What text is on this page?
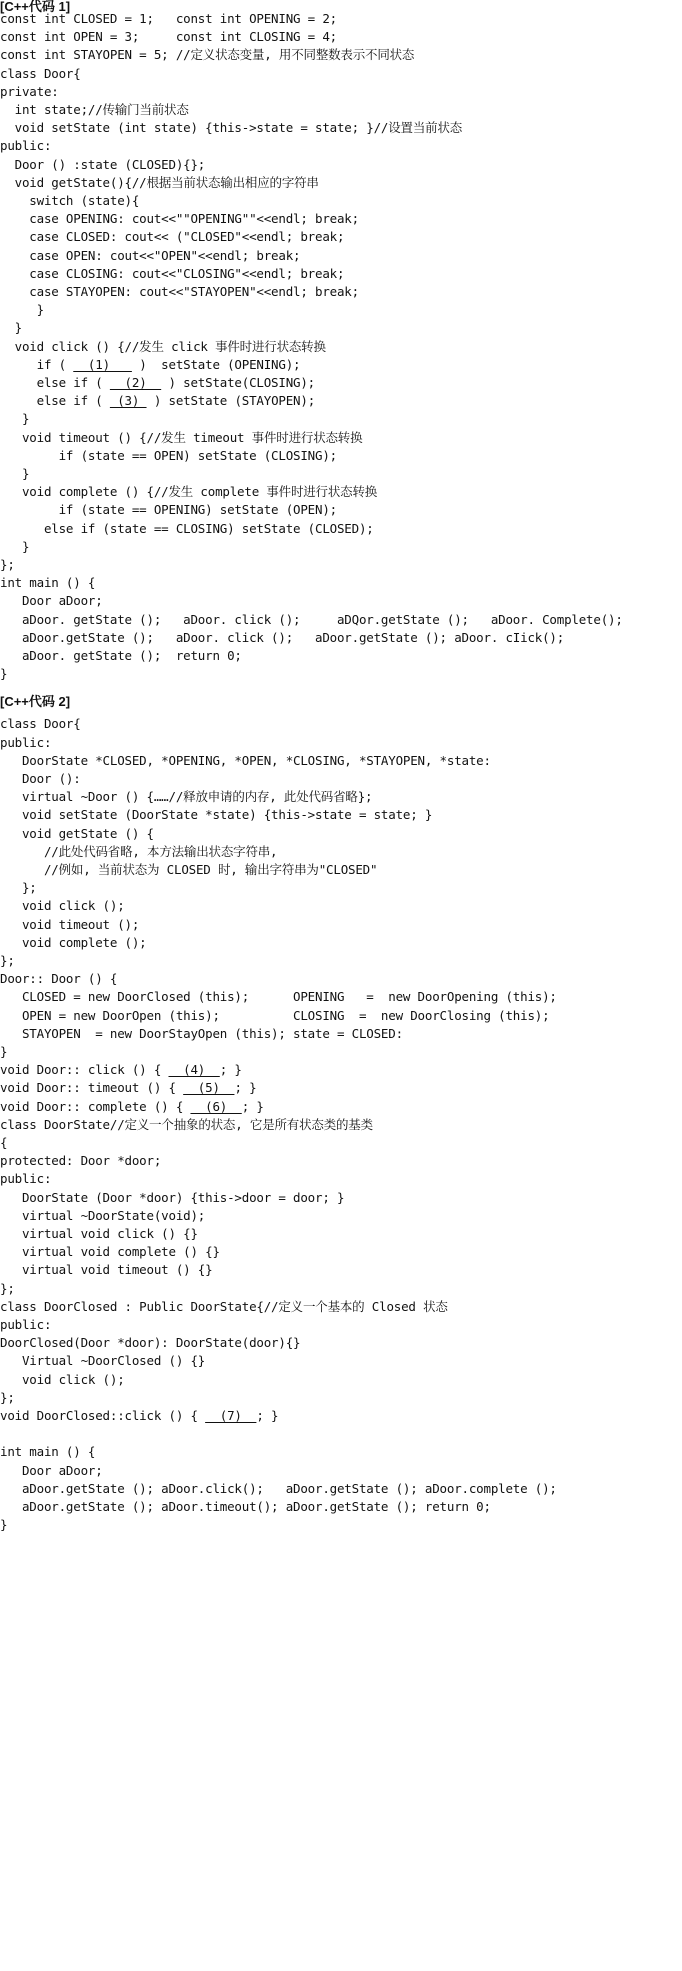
[C++代码 1]
const int CLOSED = 1;   const int OPENING = 2;
const int OPEN = 3;     const int CLOSING = 4;
const int STAYOPEN = 5; //定义状态变量, 用不同整数表示不同状态
class Door{
private:
int state;//传输门当前状态
void setState (int state) {this->state = state; }//设置当前状态
public:
Door () :state (CLOSED){};
void getState(){//根据当前状态输出相应的字符串
switch (state){
case OPENING: cout<<""OPENING""<<endl; break;
case CLOSED: cout<< ("CLOSED"<<endl; break;
case OPEN: cout<<"OPEN"<<endl; break;
case CLOSING: cout<<"CLOSING"<<endl; break;
case STAYOPEN: cout<<"STAYOPEN"<<endl; break;
}
}
void click () {//发生 click 事件时进行状态转换
if (   (1)    )  setState (OPENING);
else if (   (2)   ) setState(CLOSING);
else if (  (3)  ) setState (STAYOPEN);
}
void timeout () {//发生 timeout 事件时进行状态转换
if (state == OPEN) setState (CLOSING);
}
void complete () {//发生 complete 事件时进行状态转换
if (state == OPENING) setState (OPEN);
else if (state == CLOSING) setState (CLOSED);
}
};
int main () {
Door aDoor;
aDoor. getState ();   aDoor. click ();     aDQor.getState ();   aDoor. Complete();
aDoor.getState ();   aDoor. click ();   aDoor.getState (); aDoor. cIick();
aDoor. getState ();  return 0;
}
[C++代码 2]
class Door{
public:
DoorState *CLOSED, *OPENING, *OPEN, *CLOSING, *STAYOPEN, *state:
Door ():
virtual ~Door () {……//释放申请的内存, 此处代码省略};
void setState (DoorState *state) {this->state = state; }
void getState () {
//此处代码省略, 本方法输出状态字符串,
//例如, 当前状态为 CLOSED 时, 输出字符串为"CLOSED"
};
void click ();
void timeout ();
void complete ();
};
Door:: Door () {
CLOSED = new DoorClosed (this);      OPENING   =  new DoorOpening (this);
OPEN = new DoorOpen (this);          CLOSING  =  new DoorClosing (this);
STAYOPEN  = new DoorStayOpen (this); state = CLOSED:
}
void Door:: click () {   (4)  ; }
void Door:: timeout () {   (5)  ; }
void Door:: complete () {   (6)  ; }
class DoorState//定义一个抽象的状态, 它是所有状态类的基类
{
protected: Door *door;
public:
DoorState (Door *door) {this->door = door; }
virtual ~DoorState(void);
virtual void click () {}
virtual void complete () {}
virtual void timeout () {}
};
class DoorClosed : Public DoorState{//定义一个基本的 Closed 状态
public:
DoorClosed(Door *door): DoorState(door){}
Virtual ~DoorClosed () {}
void click ();
};
void DoorClosed::click () {   (7)  ; }
int main () {
Door aDoor;
aDoor.getState (); aDoor.click();   aDoor.getState (); aDoor.complete ();
aDoor.getState (); aDoor.timeout(); aDoor.getState (); return 0;
}
